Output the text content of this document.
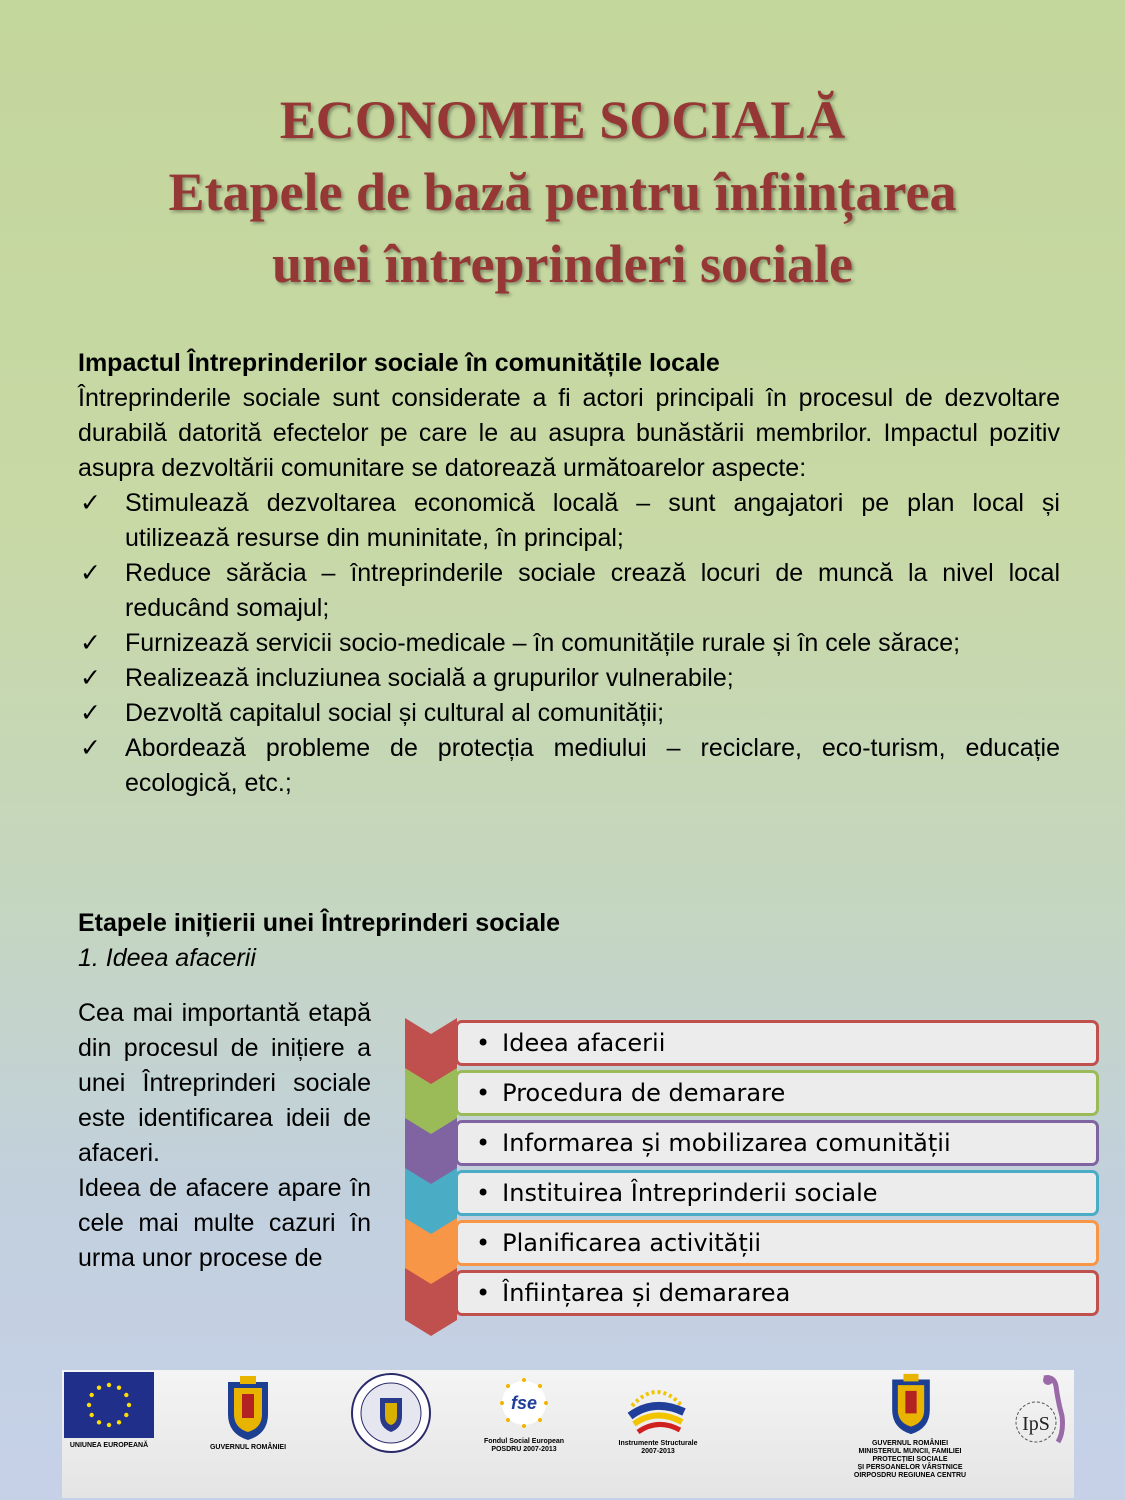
ECONOMIE SOCIALĂ
Etapele de bază pentru înființarea
unei întreprinderi sociale
Impactul Întreprinderilor sociale în comunitățile locale
Întreprinderile sociale sunt considerate a fi actori principali în procesul de dezvoltare durabilă datorită efectelor pe care le au asupra bunăstării membrilor. Impactul pozitiv asupra dezvoltării comunitare se datorează următoarelor aspecte:
✓ Stimulează dezvoltarea economică locală – sunt angajatori pe plan local și utilizează resurse din muninitate, în principal;
✓ Reduce sărăcia – întreprinderile sociale crează locuri de muncă la nivel local reducând somajul;
✓ Furnizează servicii socio-medicale – în comunitățile rurale și în cele sărace;
✓ Realizează incluziunea socială a grupurilor vulnerabile;
✓ Dezvoltă capitalul social și cultural al comunității;
✓ Abordează probleme de protecția mediului – reciclare, eco-turism, educație ecologică, etc.;
Etapele inițierii unei Întreprinderi sociale
1. Ideea afacerii

Cea mai importantă etapă din procesul de inițiere a unei Întreprinderi sociale este identificarea ideii de afaceri.

Ideea de afacere apare în cele mai multe cazuri în urma unor procese de

• Ideea afacerii
• Procedura de demarare
• Informarea și mobilizarea comunității
• Instituirea Întreprinderii sociale
• Planificarea activității
• Înființarea și demararea
UNIUNEA EUROPEANĂ	GUVERNUL ROMÂNIEI
fse
Fondul Social European
POSDRU 2007-2013
Instrumente Structurale
2007-2013
GUVERNUL ROMÂNIEI
MINISTERUL MUNCII, FAMILIEI
PROTECȚIEI SOCIALE
ȘI PERSOANELOR VÂRSTNICE
OIRPOSDRU REGIUNEA CENTRU
IpS
